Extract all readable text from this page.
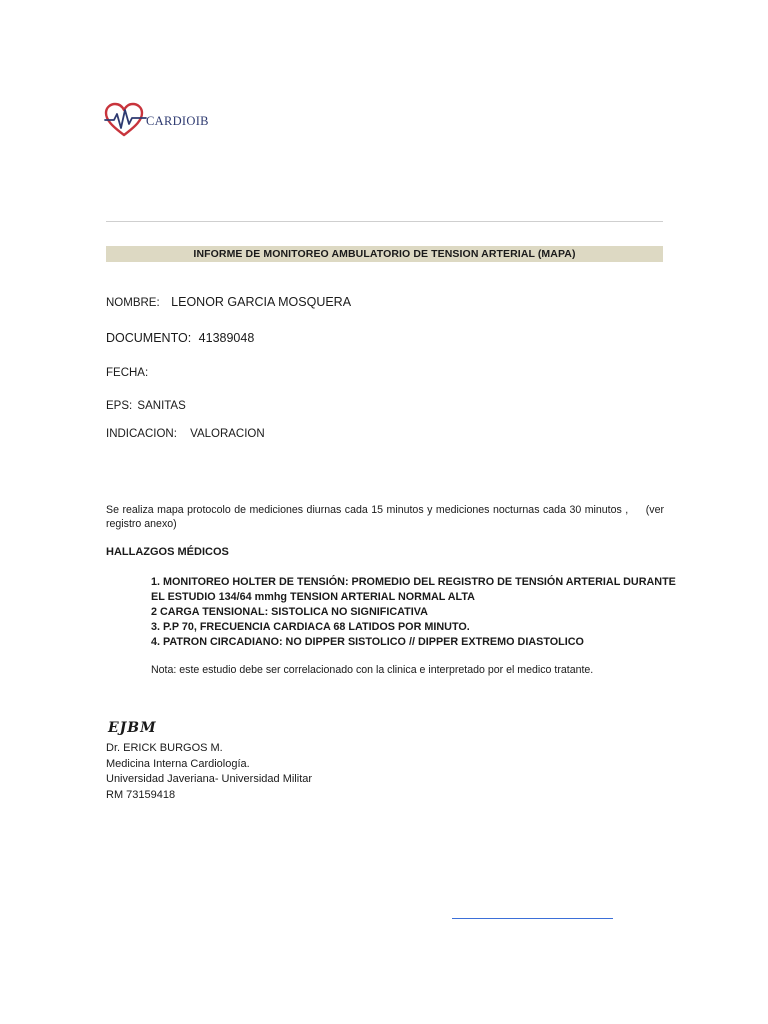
CARDIOIB
INFORME DE MONITOREO AMBULATORIO DE TENSION ARTERIAL (MAPA)
NOMBRE: LEONOR GARCIA MOSQUERA
DOCUMENTO: 41389048
FECHA:
EPS: SANITAS
INDICACION: VALORACION
Se realiza mapa protocolo de mediciones diurnas cada 15 minutos y mediciones nocturnas cada 30 minutos , (ver registro anexo)
HALLAZGOS MÉDICOS
1. MONITOREO HOLTER DE TENSIÓN: PROMEDIO DEL REGISTRO DE TENSIÓN ARTERIAL DURANTE
EL ESTUDIO 134/64 mmhg TENSION ARTERIAL NORMAL ALTA
2 CARGA TENSIONAL: SISTOLICA NO SIGNIFICATIVA
3. P.P 70, FRECUENCIA CARDIACA 68 LATIDOS POR MINUTO.
4. PATRON CIRCADIANO: NO DIPPER SISTOLICO // DIPPER EXTREMO DIASTOLICO
Nota: este estudio debe ser correlacionado con la clinica e interpretado por el medico tratante.
EJBM
Dr. ERICK BURGOS M.
Medicina Interna Cardiología.
Universidad Javeriana- Universidad Militar
RM 73159418
